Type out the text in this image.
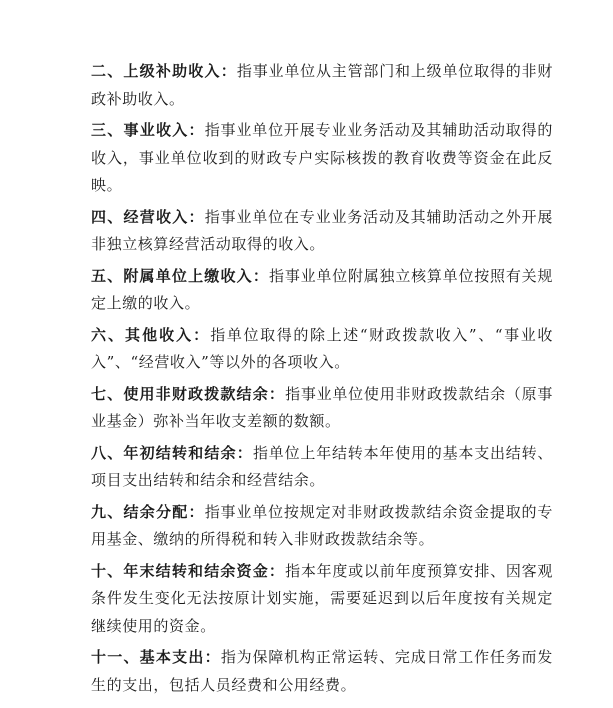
二、上级补助收入：指事业单位从主管部门和上级单位取得的非财政补助收入。

三、事业收入：指事业单位开展专业业务活动及其辅助活动取得的收入，事业单位收到的财政专户实际核拨的教育收费等资金在此反映。

四、经营收入：指事业单位在专业业务活动及其辅助活动之外开展非独立核算经营活动取得的收入。

五、附属单位上缴收入：指事业单位附属独立核算单位按照有关规定上缴的收入。

六、其他收入：指单位取得的除上述“财政拨款收入”、“事业收入”、“经营收入”等以外的各项收入。

七、使用非财政拨款结余：指事业单位使用非财政拨款结余（原事业基金）弥补当年收支差额的数额。

八、年初结转和结余：指单位上年结转本年使用的基本支出结转、项目支出结转和结余和经营结余。

九、结余分配：指事业单位按规定对非财政拨款结余资金提取的专用基金、缴纳的所得税和转入非财政拨款结余等。

十、年末结转和结余资金：指本年度或以前年度预算安排、因客观条件发生变化无法按原计划实施，需要延迟到以后年度按有关规定继续使用的资金。

十一、基本支出：指为保障机构正常运转、完成日常工作任务而发生的支出，包括人员经费和公用经费。
